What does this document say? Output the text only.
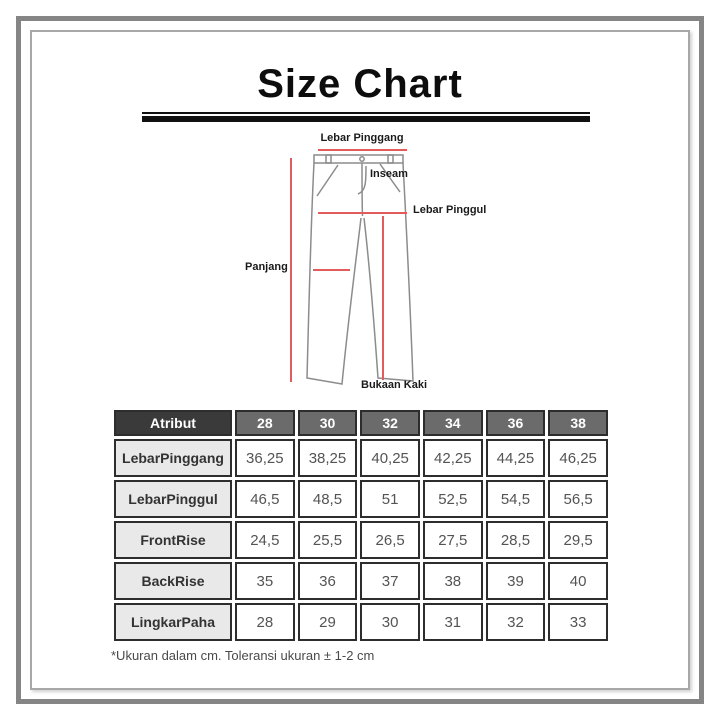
Size Chart
Lebar Pinggang
Inseam
Lebar Pinggul
Panjang
Bukaan Kaki
Atribut	28	30	32	34	36	38
LebarPinggang	36,25	38,25	40,25	42,25	44,25	46,25
LebarPinggul	46,5	48,5	51	52,5	54,5	56,5
FrontRise	24,5	25,5	26,5	27,5	28,5	29,5
BackRise	35	36	37	38	39	40
LingkarPaha	28	29	30	31	32	33
*Ukuran dalam cm. Toleransi ukuran ± 1-2 cm
